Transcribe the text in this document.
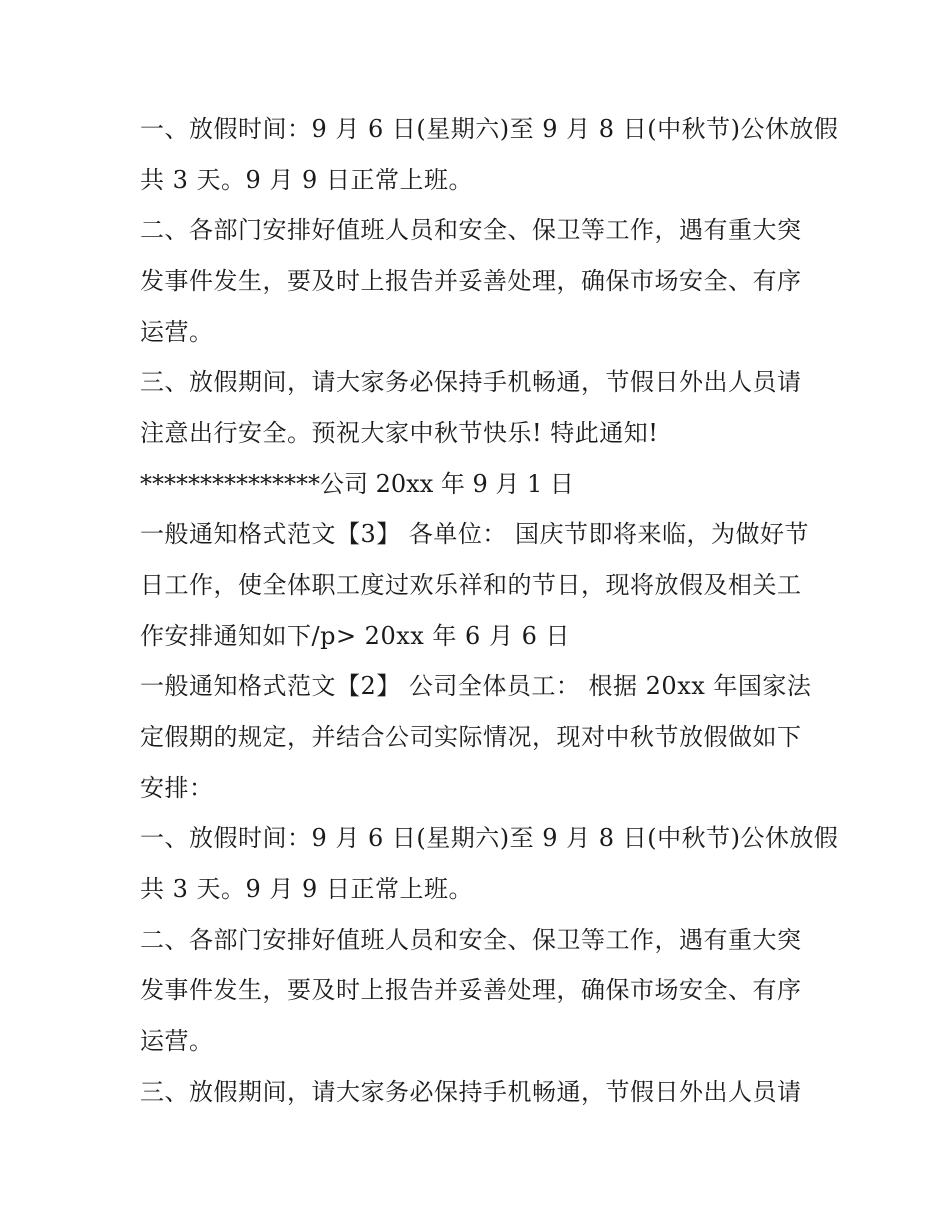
一、放假时间：9 月 6 日(星期六)至 9 月 8 日(中秋节)公休放假
共 3 天。9 月 9 日正常上班。
二、各部门安排好值班人员和安全、保卫等工作，遇有重大突
发事件发生，要及时上报告并妥善处理，确保市场安全、有序
运营。
三、放假期间，请大家务必保持手机畅通，节假日外出人员请
注意出行安全。预祝大家中秋节快乐! 特此通知!
***************公司 20xx 年 9 月 1 日
一般通知格式范文【3】 各单位： 国庆节即将来临，为做好节
日工作，使全体职工度过欢乐祥和的节日，现将放假及相关工
作安排通知如下/p> 20xx 年 6 月 6 日
一般通知格式范文【2】 公司全体员工： 根据 20xx 年国家法
定假期的规定，并结合公司实际情况，现对中秋节放假做如下
安排：
一、放假时间：9 月 6 日(星期六)至 9 月 8 日(中秋节)公休放假
共 3 天。9 月 9 日正常上班。
二、各部门安排好值班人员和安全、保卫等工作，遇有重大突
发事件发生，要及时上报告并妥善处理，确保市场安全、有序
运营。
三、放假期间，请大家务必保持手机畅通，节假日外出人员请
